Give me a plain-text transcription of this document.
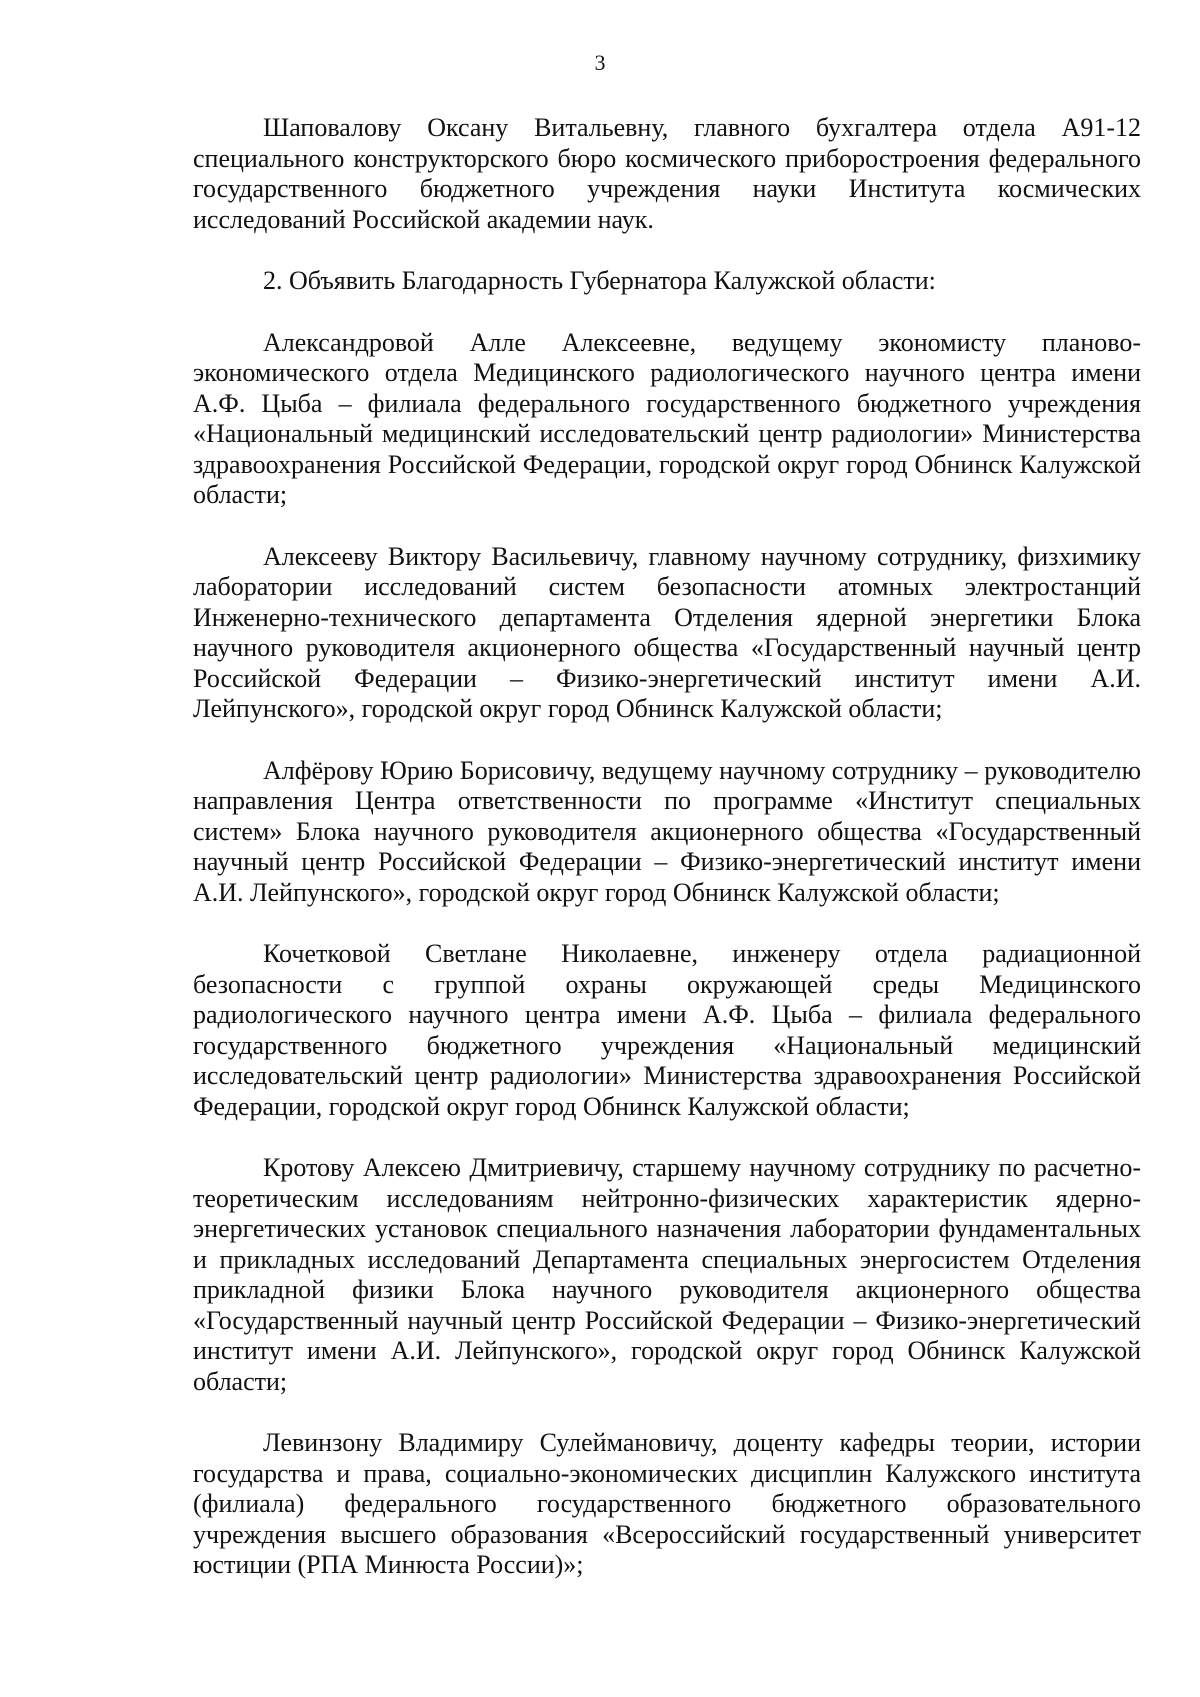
3

Шаповалову Оксану Витальевну, главного бухгалтера отдела А91-12 специального конструкторского бюро космического приборостроения федерального государственного бюджетного учреждения науки Института космических исследований Российской академии наук.

2. Объявить Благодарность Губернатора Калужской области:

Александровой Алле Алексеевне, ведущему экономисту планово-экономического отдела Медицинского радиологического научного центра имени А.Ф. Цыба – филиала федерального государственного бюджетного учреждения «Национальный медицинский исследовательский центр радиологии» Министерства здравоохранения Российской Федерации, городской округ город Обнинск Калужской области;

Алексееву Виктору Васильевичу, главному научному сотруднику, физхимику лаборатории исследований систем безопасности атомных электростанций Инженерно-технического департамента Отделения ядерной энергетики Блока научного руководителя акционерного общества «Государственный научный центр Российской Федерации – Физико-энергетический институт имени А.И. Лейпунского», городской округ город Обнинск Калужской области;

Алфёрову Юрию Борисовичу, ведущему научному сотруднику – руководителю направления Центра ответственности по программе «Институт специальных систем» Блока научного руководителя акционерного общества «Государственный научный центр Российской Федерации – Физико-энергетический институт имени А.И. Лейпунского», городской округ город Обнинск Калужской области;

Кочетковой Светлане Николаевне, инженеру отдела радиационной безопасности с группой охраны окружающей среды Медицинского радиологического научного центра имени А.Ф. Цыба – филиала федерального государственного бюджетного учреждения «Национальный медицинский исследовательский центр радиологии» Министерства здравоохранения Российской Федерации, городской округ город Обнинск Калужской области;

Кротову Алексею Дмитриевичу, старшему научному сотруднику по расчетно-теоретическим исследованиям нейтронно-физических характеристик ядерно-энергетических установок специального назначения лаборатории фундаментальных и прикладных исследований Департамента специальных энергосистем Отделения прикладной физики Блока научного руководителя акционерного общества «Государственный научный центр Российской Федерации – Физико-энергетический институт имени А.И. Лейпунского», городской округ город Обнинск Калужской области;

Левинзону Владимиру Сулеймановичу, доценту кафедры теории, истории государства и права, социально-экономических дисциплин Калужского института (филиала) федерального государственного бюджетного образовательного учреждения высшего образования «Всероссийский государственный университет юстиции (РПА Минюста России)»;
